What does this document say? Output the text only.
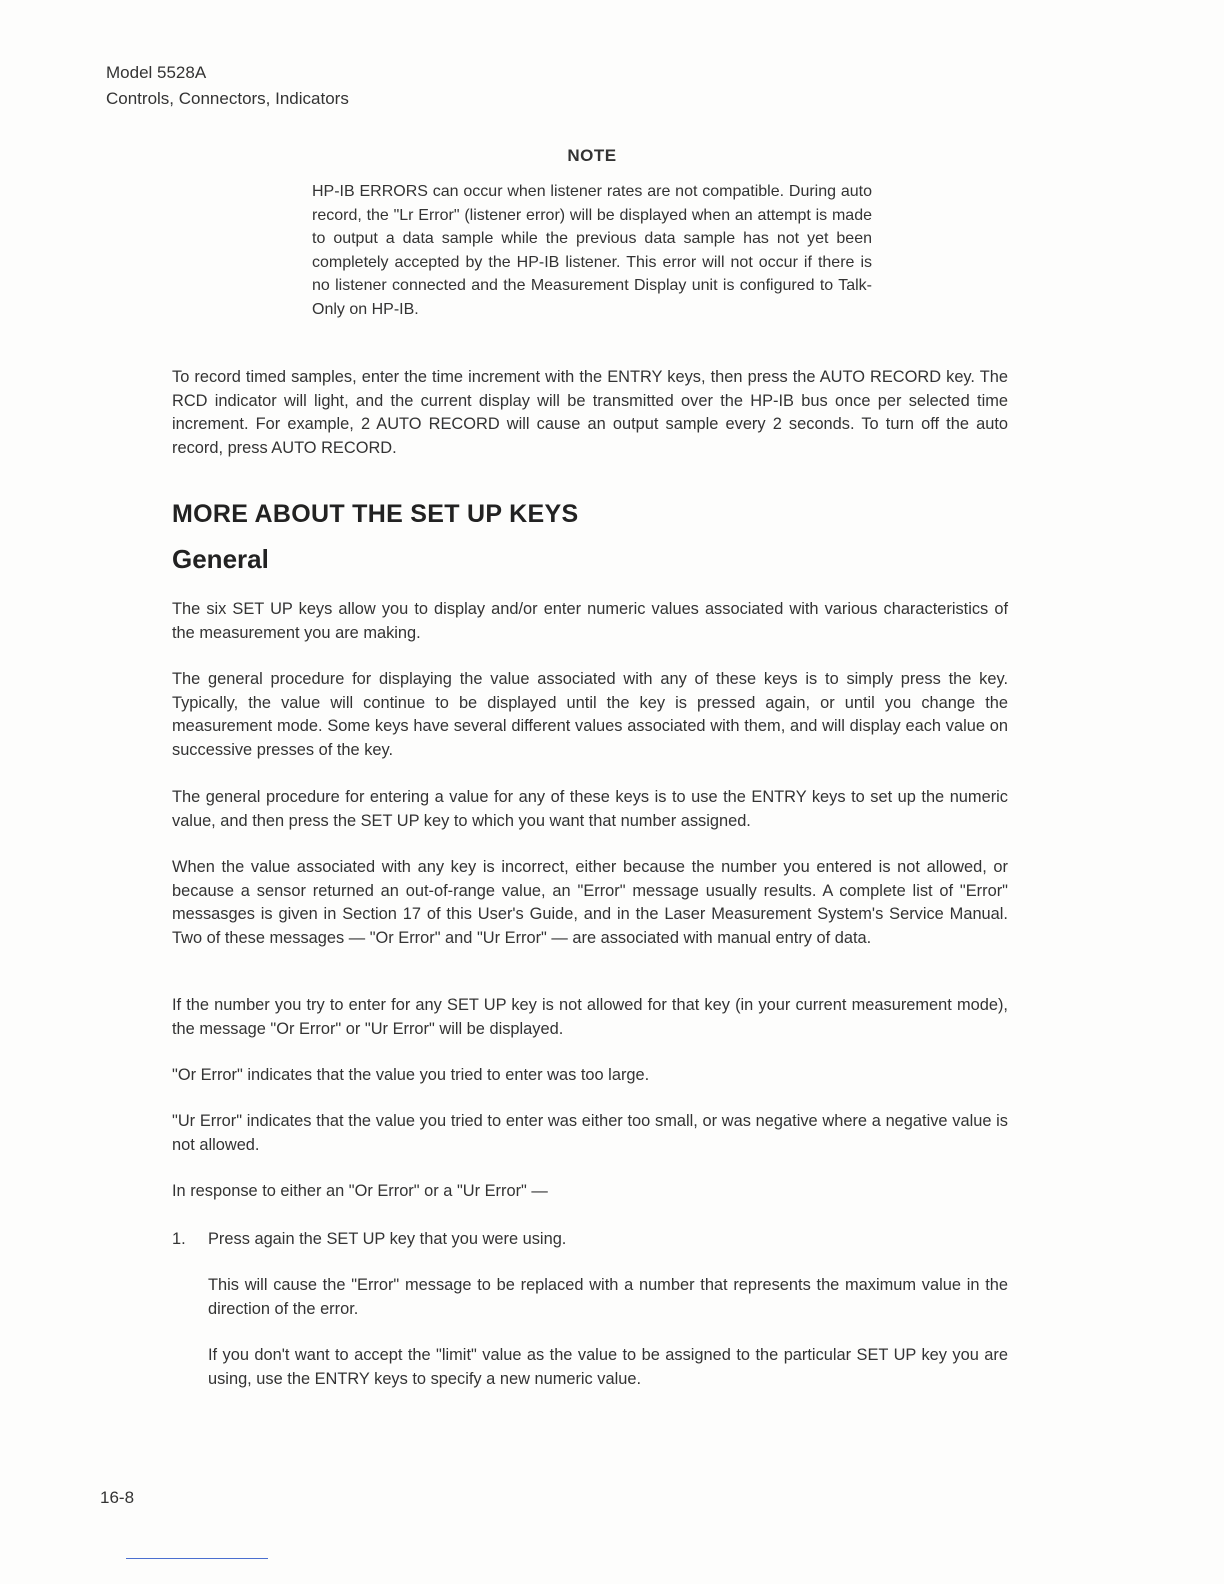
Model 5528A
Controls, Connectors, Indicators
NOTE
HP-IB ERRORS can occur when listener rates are not compatible. During auto record, the "Lr Error" (listener error) will be displayed when an attempt is made to output a data sample while the previous data sample has not yet been completely accepted by the HP-IB listener. This error will not occur if there is no listener connected and the Measurement Display unit is configured to Talk-Only on HP-IB.
To record timed samples, enter the time increment with the ENTRY keys, then press the AUTO RECORD key. The RCD indicator will light, and the current display will be transmitted over the HP-IB bus once per selected time increment. For example, 2 AUTO RECORD will cause an output sample every 2 seconds. To turn off the auto record, press AUTO RECORD.
MORE ABOUT THE SET UP KEYS
General
The six SET UP keys allow you to display and/or enter numeric values associated with various characteristics of the measurement you are making.
The general procedure for displaying the value associated with any of these keys is to simply press the key. Typically, the value will continue to be displayed until the key is pressed again, or until you change the measurement mode. Some keys have several different values associated with them, and will display each value on successive presses of the key.
The general procedure for entering a value for any of these keys is to use the ENTRY keys to set up the numeric value, and then press the SET UP key to which you want that number assigned.
When the value associated with any key is incorrect, either because the number you entered is not allowed, or because a sensor returned an out-of-range value, an "Error" message usually results. A complete list of "Error" messasges is given in Section 17 of this User's Guide, and in the Laser Measurement System's Service Manual. Two of these messages — "Or Error" and "Ur Error" — are associated with manual entry of data.
If the number you try to enter for any SET UP key is not allowed for that key (in your current measurement mode), the message "Or Error" or "Ur Error" will be displayed.
"Or Error" indicates that the value you tried to enter was too large.
"Ur Error" indicates that the value you tried to enter was either too small, or was negative where a negative value is not allowed.
In response to either an "Or Error" or a "Ur Error" —
1. Press again the SET UP key that you were using.
This will cause the "Error" message to be replaced with a number that represents the maximum value in the direction of the error.
If you don't want to accept the "limit" value as the value to be assigned to the particular SET UP key you are using, use the ENTRY keys to specify a new numeric value.
16-8
